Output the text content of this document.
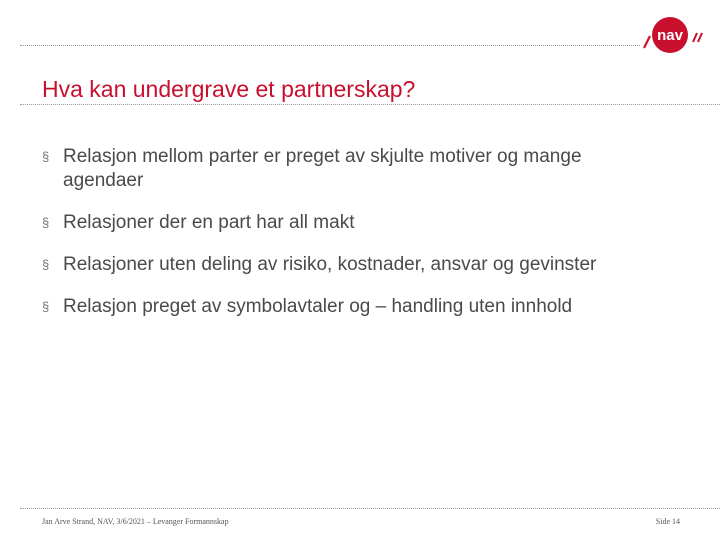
nav
Hva kan undergrave et partnerskap?
§ Relasjon mellom parter er preget av skjulte motiver og mange agendaer
§ Relasjoner der en part har all makt
§ Relasjoner uten deling av risiko, kostnader, ansvar og gevinster
§ Relasjon preget av symbolavtaler og – handling uten innhold
Jan Arve Strand, NAV, 3/6/2021 – Levanger Formannskap	Side 14
